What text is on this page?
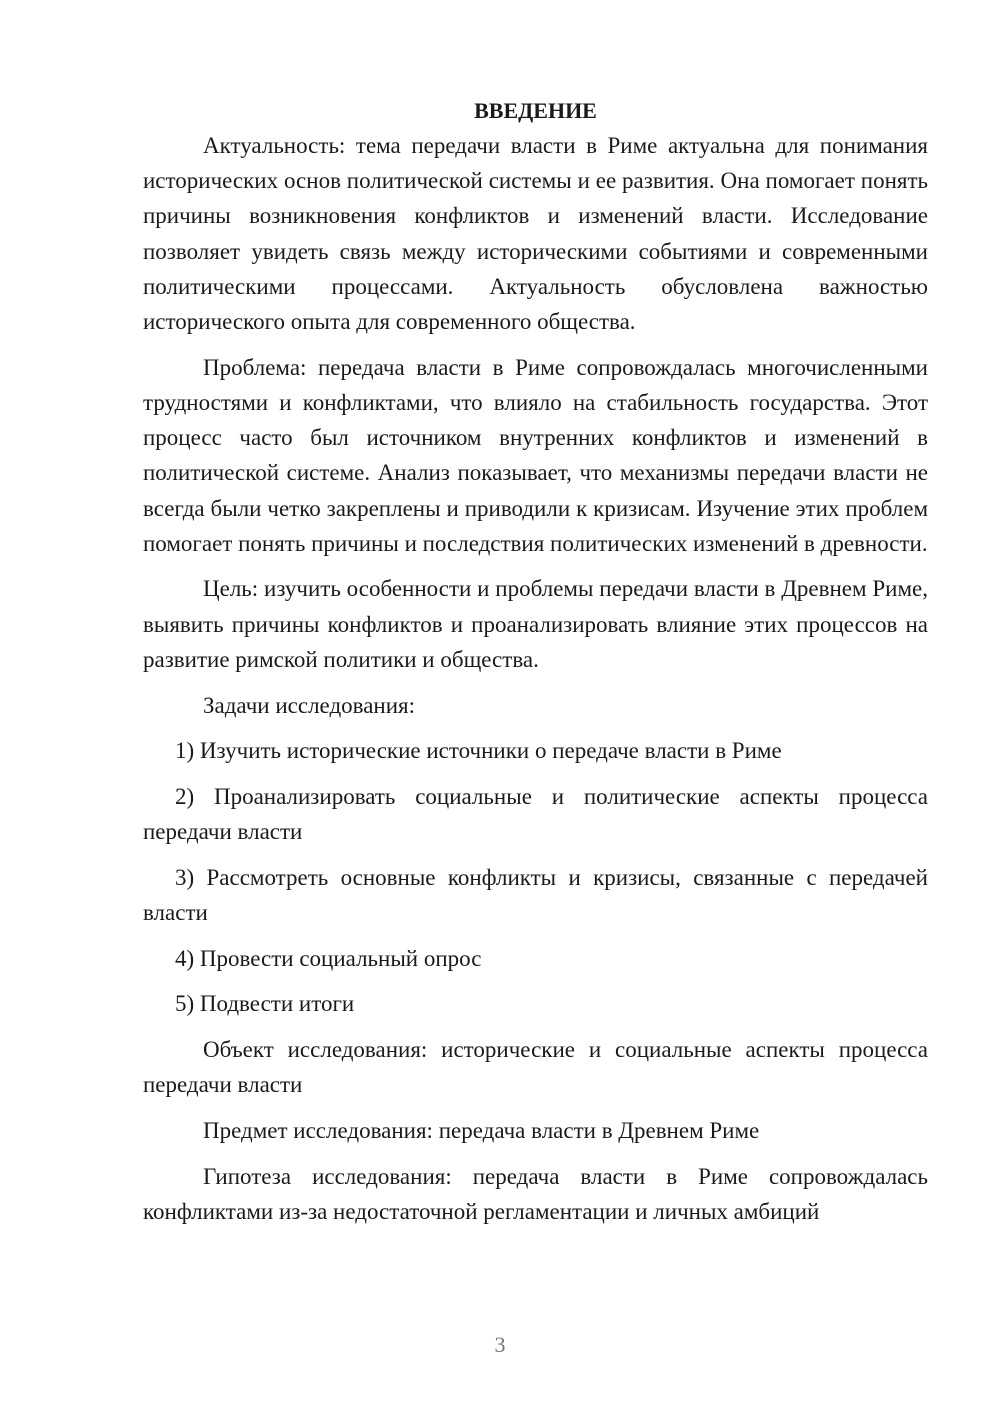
ВВЕДЕНИЕ

Актуальность: тема передачи власти в Риме актуальна для понимания исторических основ политической системы и ее развития. Она помогает понять причины возникновения конфликтов и изменений власти. Исследование позволяет увидеть связь между историческими событиями и современными политическими процессами. Актуальность обусловлена важностью исторического опыта для современного общества.

Проблема: передача власти в Риме сопровождалась многочисленными трудностями и конфликтами, что влияло на стабильность государства. Этот процесс часто был источником внутренних конфликтов и изменений в политической системе. Анализ показывает, что механизмы передачи власти не всегда были четко закреплены и приводили к кризисам. Изучение этих проблем помогает понять причины и последствия политических изменений в древности.

Цель: изучить особенности и проблемы передачи власти в Древнем Риме, выявить причины конфликтов и проанализировать влияние этих процессов на развитие римской политики и общества.

Задачи исследования:

1) Изучить исторические источники о передаче власти в Риме

2) Проанализировать социальные и политические аспекты процесса передачи власти

3) Рассмотреть основные конфликты и кризисы, связанные с передачей власти

4) Провести социальный опрос

5) Подвести итоги

Объект исследования: исторические и социальные аспекты процесса передачи власти

Предмет исследования: передача власти в Древнем Риме

Гипотеза исследования: передача власти в Риме сопровождалась конфликтами из-за недостаточной регламентации и личных амбиций

3
